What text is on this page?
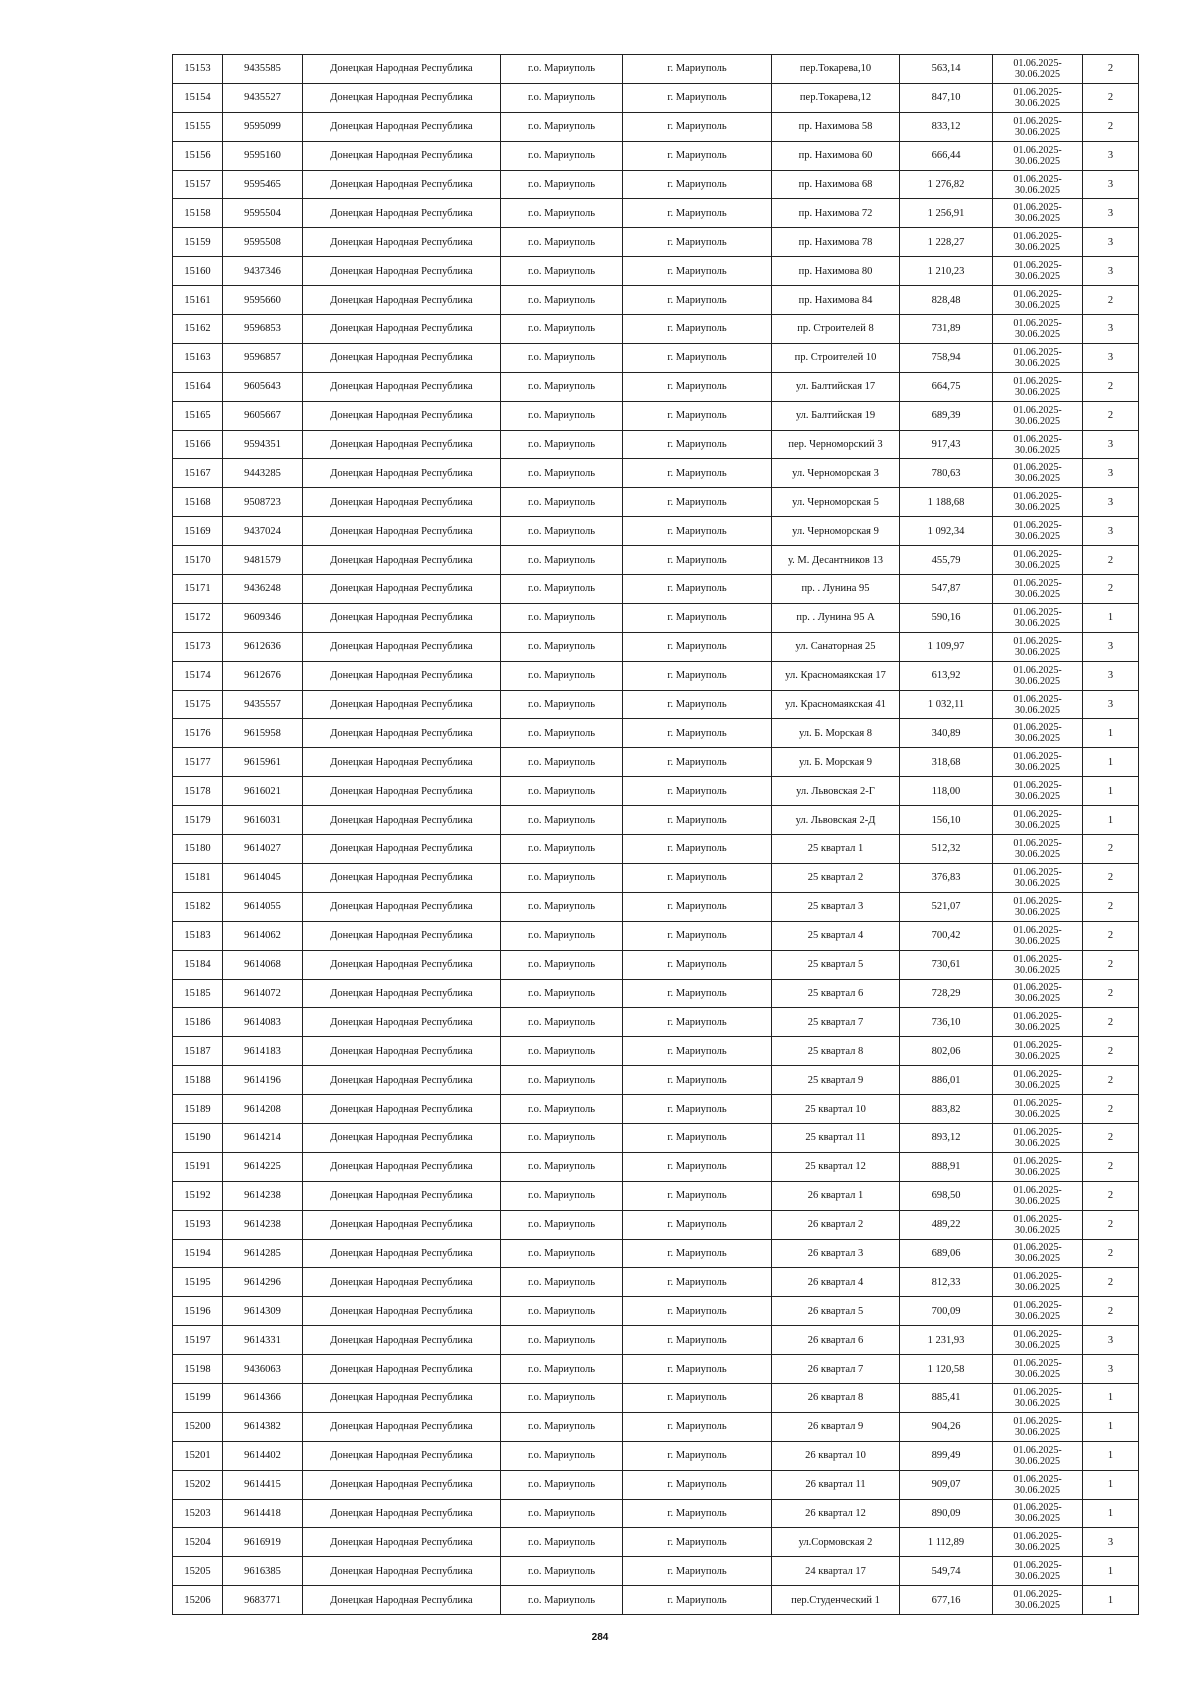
15153	9435585	Донецкая Народная Республика	г.о. Мариуполь	г. Мариуполь	пер.Токарева,10	563,14	01.06.2025-
30.06.2025	2
15154	9435527	Донецкая Народная Республика	г.о. Мариуполь	г. Мариуполь	пер.Токарева,12	847,10	01.06.2025-
30.06.2025	2
15155	9595099	Донецкая Народная Республика	г.о. Мариуполь	г. Мариуполь	пр. Нахимова 58	833,12	01.06.2025-
30.06.2025	2
15156	9595160	Донецкая Народная Республика	г.о. Мариуполь	г. Мариуполь	пр. Нахимова 60	666,44	01.06.2025-
30.06.2025	3
15157	9595465	Донецкая Народная Республика	г.о. Мариуполь	г. Мариуполь	пр. Нахимова 68	1 276,82	01.06.2025-
30.06.2025	3
15158	9595504	Донецкая Народная Республика	г.о. Мариуполь	г. Мариуполь	пр. Нахимова 72	1 256,91	01.06.2025-
30.06.2025	3
15159	9595508	Донецкая Народная Республика	г.о. Мариуполь	г. Мариуполь	пр. Нахимова 78	1 228,27	01.06.2025-
30.06.2025	3
15160	9437346	Донецкая Народная Республика	г.о. Мариуполь	г. Мариуполь	пр. Нахимова 80	1 210,23	01.06.2025-
30.06.2025	3
15161	9595660	Донецкая Народная Республика	г.о. Мариуполь	г. Мариуполь	пр. Нахимова 84	828,48	01.06.2025-
30.06.2025	2
15162	9596853	Донецкая Народная Республика	г.о. Мариуполь	г. Мариуполь	пр. Строителей 8	731,89	01.06.2025-
30.06.2025	3
15163	9596857	Донецкая Народная Республика	г.о. Мариуполь	г. Мариуполь	пр. Строителей 10	758,94	01.06.2025-
30.06.2025	3
15164	9605643	Донецкая Народная Республика	г.о. Мариуполь	г. Мариуполь	ул. Балтийская 17	664,75	01.06.2025-
30.06.2025	2
15165	9605667	Донецкая Народная Республика	г.о. Мариуполь	г. Мариуполь	ул. Балтийская 19	689,39	01.06.2025-
30.06.2025	2
15166	9594351	Донецкая Народная Республика	г.о. Мариуполь	г. Мариуполь	пер. Черноморский 3	917,43	01.06.2025-
30.06.2025	3
15167	9443285	Донецкая Народная Республика	г.о. Мариуполь	г. Мариуполь	ул. Черноморская 3	780,63	01.06.2025-
30.06.2025	3
15168	9508723	Донецкая Народная Республика	г.о. Мариуполь	г. Мариуполь	ул. Черноморская 5	1 188,68	01.06.2025-
30.06.2025	3
15169	9437024	Донецкая Народная Республика	г.о. Мариуполь	г. Мариуполь	ул. Черноморская 9	1 092,34	01.06.2025-
30.06.2025	3
15170	9481579	Донецкая Народная Республика	г.о. Мариуполь	г. Мариуполь	у. М. Десантников 13	455,79	01.06.2025-
30.06.2025	2
15171	9436248	Донецкая Народная Республика	г.о. Мариуполь	г. Мариуполь	пр. . Лунина 95	547,87	01.06.2025-
30.06.2025	2
15172	9609346	Донецкая Народная Республика	г.о. Мариуполь	г. Мариуполь	пр. . Лунина 95 А	590,16	01.06.2025-
30.06.2025	1
15173	9612636	Донецкая Народная Республика	г.о. Мариуполь	г. Мариуполь	ул. Санаторная 25	1 109,97	01.06.2025-
30.06.2025	3
15174	9612676	Донецкая Народная Республика	г.о. Мариуполь	г. Мариуполь	ул. Красномаякская 17	613,92	01.06.2025-
30.06.2025	3
15175	9435557	Донецкая Народная Республика	г.о. Мариуполь	г. Мариуполь	ул. Красномаякская 41	1 032,11	01.06.2025-
30.06.2025	3
15176	9615958	Донецкая Народная Республика	г.о. Мариуполь	г. Мариуполь	ул. Б. Морская 8	340,89	01.06.2025-
30.06.2025	1
15177	9615961	Донецкая Народная Республика	г.о. Мариуполь	г. Мариуполь	ул. Б. Морская 9	318,68	01.06.2025-
30.06.2025	1
15178	9616021	Донецкая Народная Республика	г.о. Мариуполь	г. Мариуполь	ул. Львовская 2-Г	118,00	01.06.2025-
30.06.2025	1
15179	9616031	Донецкая Народная Республика	г.о. Мариуполь	г. Мариуполь	ул. Львовская 2-Д	156,10	01.06.2025-
30.06.2025	1
15180	9614027	Донецкая Народная Республика	г.о. Мариуполь	г. Мариуполь	25 квартал 1	512,32	01.06.2025-
30.06.2025	2
15181	9614045	Донецкая Народная Республика	г.о. Мариуполь	г. Мариуполь	25 квартал 2	376,83	01.06.2025-
30.06.2025	2
15182	9614055	Донецкая Народная Республика	г.о. Мариуполь	г. Мариуполь	25 квартал 3	521,07	01.06.2025-
30.06.2025	2
15183	9614062	Донецкая Народная Республика	г.о. Мариуполь	г. Мариуполь	25 квартал 4	700,42	01.06.2025-
30.06.2025	2
15184	9614068	Донецкая Народная Республика	г.о. Мариуполь	г. Мариуполь	25 квартал 5	730,61	01.06.2025-
30.06.2025	2
15185	9614072	Донецкая Народная Республика	г.о. Мариуполь	г. Мариуполь	25 квартал 6	728,29	01.06.2025-
30.06.2025	2
15186	9614083	Донецкая Народная Республика	г.о. Мариуполь	г. Мариуполь	25 квартал 7	736,10	01.06.2025-
30.06.2025	2
15187	9614183	Донецкая Народная Республика	г.о. Мариуполь	г. Мариуполь	25 квартал 8	802,06	01.06.2025-
30.06.2025	2
15188	9614196	Донецкая Народная Республика	г.о. Мариуполь	г. Мариуполь	25 квартал 9	886,01	01.06.2025-
30.06.2025	2
15189	9614208	Донецкая Народная Республика	г.о. Мариуполь	г. Мариуполь	25 квартал 10	883,82	01.06.2025-
30.06.2025	2
15190	9614214	Донецкая Народная Республика	г.о. Мариуполь	г. Мариуполь	25 квартал 11	893,12	01.06.2025-
30.06.2025	2
15191	9614225	Донецкая Народная Республика	г.о. Мариуполь	г. Мариуполь	25 квартал 12	888,91	01.06.2025-
30.06.2025	2
15192	9614238	Донецкая Народная Республика	г.о. Мариуполь	г. Мариуполь	26 квартал 1	698,50	01.06.2025-
30.06.2025	2
15193	9614238	Донецкая Народная Республика	г.о. Мариуполь	г. Мариуполь	26 квартал 2	489,22	01.06.2025-
30.06.2025	2
15194	9614285	Донецкая Народная Республика	г.о. Мариуполь	г. Мариуполь	26 квартал 3	689,06	01.06.2025-
30.06.2025	2
15195	9614296	Донецкая Народная Республика	г.о. Мариуполь	г. Мариуполь	26 квартал 4	812,33	01.06.2025-
30.06.2025	2
15196	9614309	Донецкая Народная Республика	г.о. Мариуполь	г. Мариуполь	26 квартал 5	700,09	01.06.2025-
30.06.2025	2
15197	9614331	Донецкая Народная Республика	г.о. Мариуполь	г. Мариуполь	26 квартал 6	1 231,93	01.06.2025-
30.06.2025	3
15198	9436063	Донецкая Народная Республика	г.о. Мариуполь	г. Мариуполь	26 квартал 7	1 120,58	01.06.2025-
30.06.2025	3
15199	9614366	Донецкая Народная Республика	г.о. Мариуполь	г. Мариуполь	26 квартал 8	885,41	01.06.2025-
30.06.2025	1
15200	9614382	Донецкая Народная Республика	г.о. Мариуполь	г. Мариуполь	26 квартал 9	904,26	01.06.2025-
30.06.2025	1
15201	9614402	Донецкая Народная Республика	г.о. Мариуполь	г. Мариуполь	26 квартал 10	899,49	01.06.2025-
30.06.2025	1
15202	9614415	Донецкая Народная Республика	г.о. Мариуполь	г. Мариуполь	26 квартал 11	909,07	01.06.2025-
30.06.2025	1
15203	9614418	Донецкая Народная Республика	г.о. Мариуполь	г. Мариуполь	26 квартал 12	890,09	01.06.2025-
30.06.2025	1
15204	9616919	Донецкая Народная Республика	г.о. Мариуполь	г. Мариуполь	ул.Сормовская 2	1 112,89	01.06.2025-
30.06.2025	3
15205	9616385	Донецкая Народная Республика	г.о. Мариуполь	г. Мариуполь	24 квартал 17	549,74	01.06.2025-
30.06.2025	1
15206	9683771	Донецкая Народная Республика	г.о. Мариуполь	г. Мариуполь	пер.Студенческий 1	677,16	01.06.2025-
30.06.2025	1
284
